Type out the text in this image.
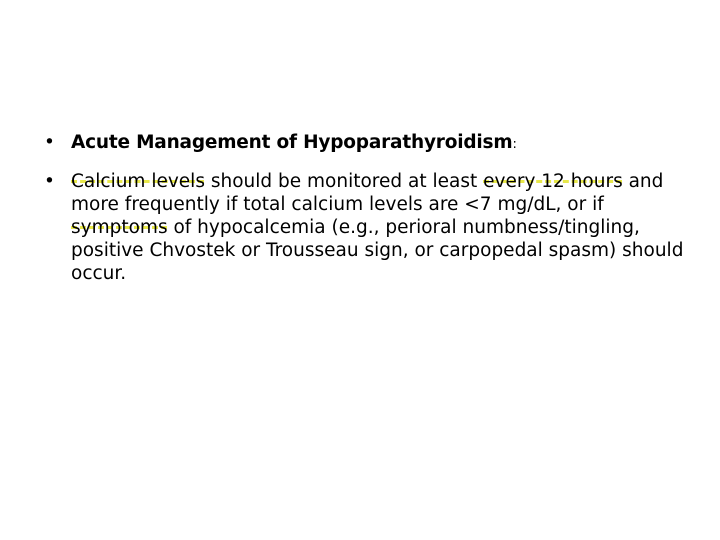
• Acute Management of Hypoparathyroidism:
• Calcium levels should be monitored at least every 12 hours and more frequently if total calcium levels are <7 mg/dL, or if symptoms of hypocalcemia (e.g., perioral numbness/tingling, positive Chvostek or Trousseau sign, or carpopedal spasm) should occur.
